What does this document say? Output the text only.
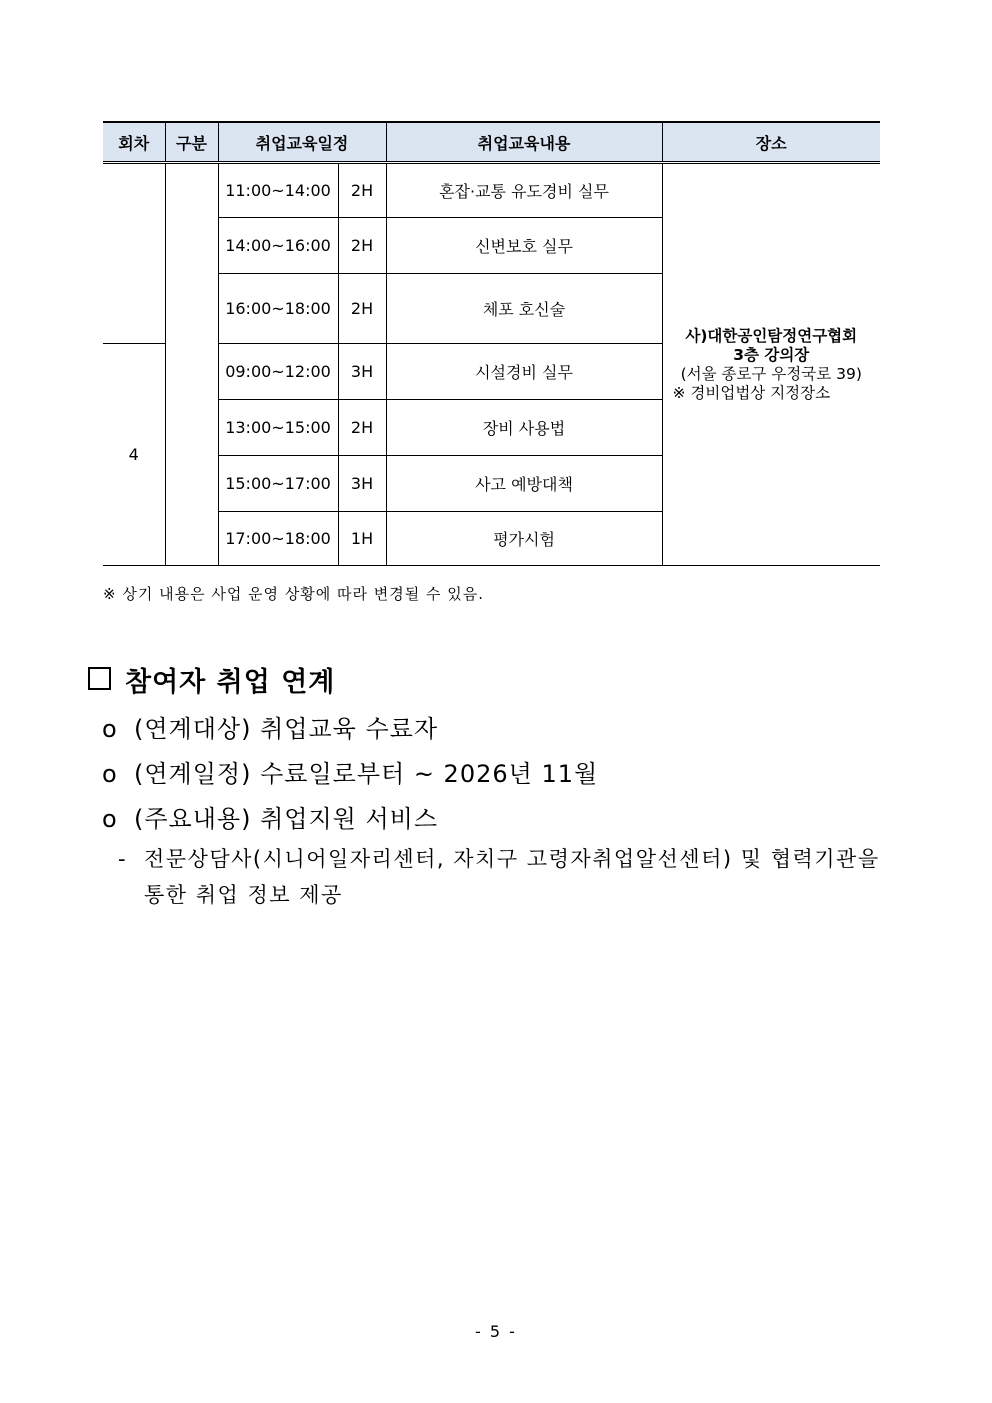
회차	구분	취업교육일정		취업교육내용	장소
		11:00~14:00	2H	혼잡·교통 유도경비 실무	사)대한공인탐정연구협회
3층 강의장
(서울 종로구 우정국로 39)

※ 경비업법상 지정장소

		14:00~16:00	2H	신변보호 실무	
		16:00~18:00	2H	체포 호신술	
4		09:00~12:00	3H	시설경비 실무	
		13:00~15:00	2H	장비 사용법	
		15:00~17:00	3H	사고 예방대책	
		17:00~18:00	1H	평가시험	
※ 상기 내용은 사업 운영 상황에 따라 변경될 수 있음.
참여자 취업 연계
o (연계대상) 취업교육 수료자
o (연계일정) 수료일로부터 ~ 2026년 11월
o (주요내용) 취업지원 서비스
- 전문상담사(시니어일자리센터, 자치구 고령자취업알선센터) 및 협력기관을
통한 취업 정보 제공
- 5 -
